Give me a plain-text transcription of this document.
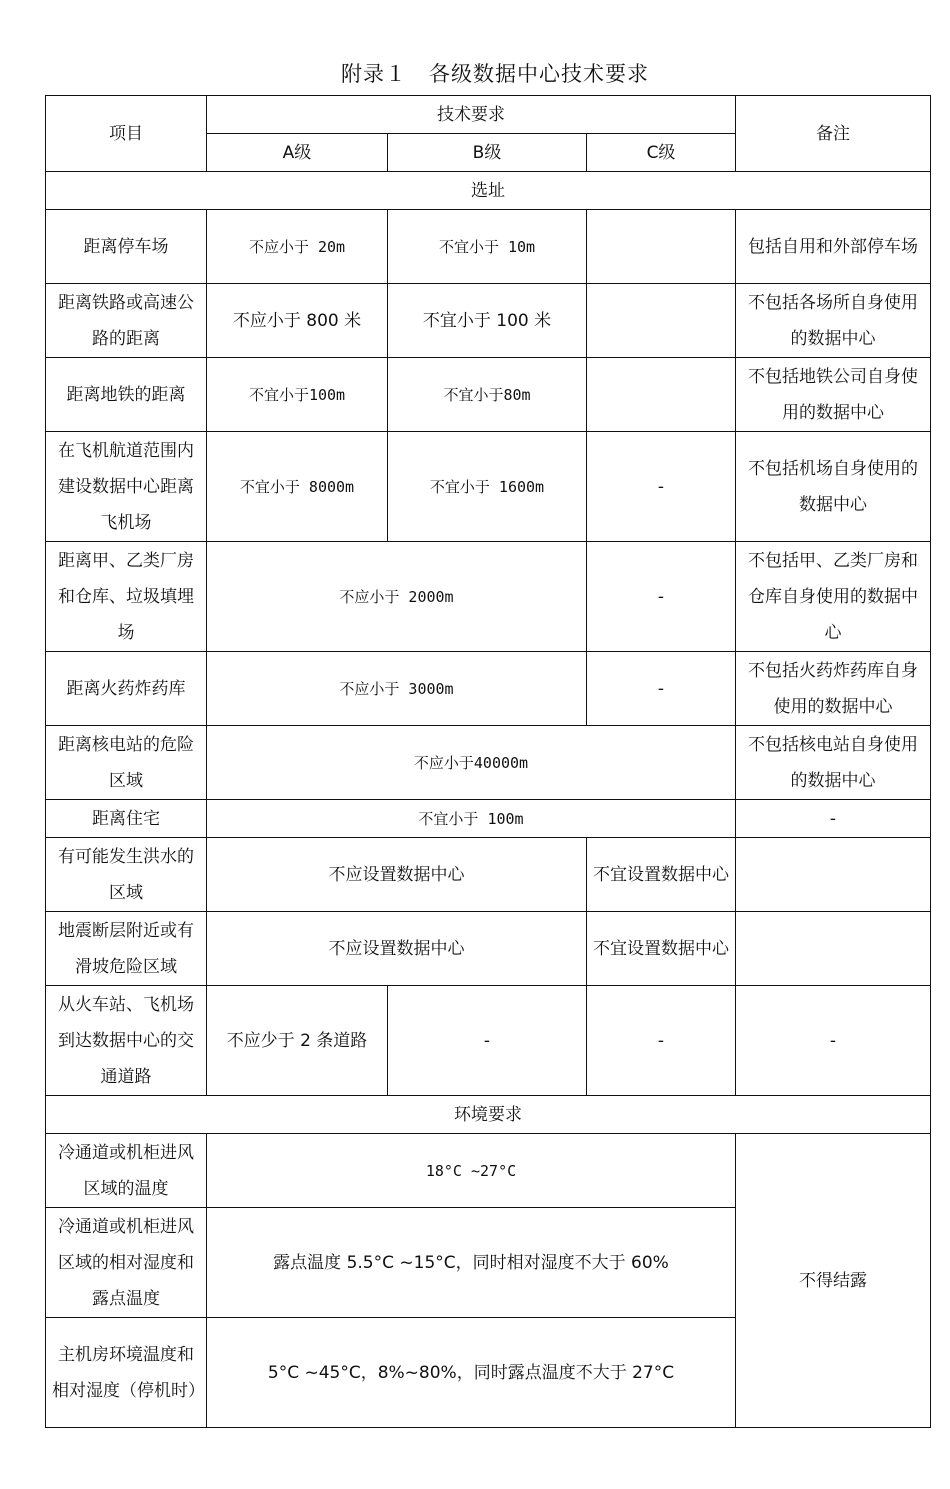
附录１　各级数据中心技术要求
项目	技术要求			备注
	A级	B级	C级	
选址				
距离停车场	不应小于 20m	不宜小于 10m		包括自用和外部停车场
距离铁路或高速公路的距离	不应小于 800 米	不宜小于 100 米		不包括各场所自身使用的数据中心
距离地铁的距离	不宜小于100m	不宜小于80m		不包括地铁公司自身使用的数据中心
在飞机航道范围内建设数据中心距离飞机场	不宜小于 8000m	不宜小于 1600m	-	不包括机场自身使用的数据中心
距离甲、乙类厂房和仓库、垃圾填埋场	不应小于 2000m		-	不包括甲、乙类厂房和仓库自身使用的数据中心
距离火药炸药库	不应小于 3000m		-	不包括火药炸药库自身使用的数据中心
距离核电站的危险区域	不应小于40000m			不包括核电站自身使用的数据中心
距离住宅	不宜小于 100m			-
有可能发生洪水的区域	不应设置数据中心		不宜设置数据中心	
地震断层附近或有滑坡危险区域	不应设置数据中心		不宜设置数据中心	
从火车站、飞机场到达数据中心的交通道路	不应少于 2 条道路	-	-	-
环境要求				
冷通道或机柜进风区域的温度	18°C ~27°C			不得结露
冷通道或机柜进风区域的相对湿度和露点温度	露点温度 5.5°C ~15°C，同时相对湿度不大于 60%			
主机房环境温度和相对湿度（停机时）	5°C ~45°C，8%~80%，同时露点温度不大于 27°C			
